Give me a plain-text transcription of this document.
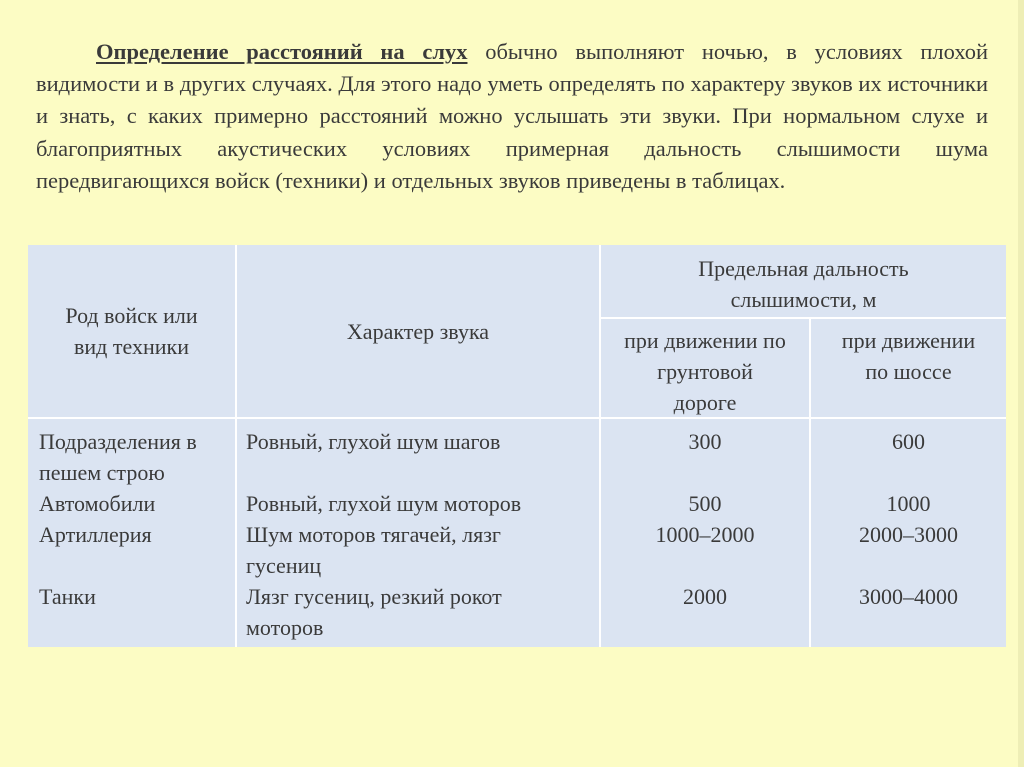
Определение расстояний на слух обычно выполняют ночью, в условиях плохой видимости и в других случаях. Для этого надо уметь определять по характеру звуков их источники и знать, с каких примерно расстояний можно услышать эти звуки. При нормальном слухе и благоприятных акустических условиях примерная дальность слышимости шума передвигающихся войск (техники) и отдельных звуков приведены в таблицах.

Род войск или
вид техники
Характер звука
Предельная дальность
слышимости, м
при движении по
грунтовой
дороге
при движении
по шоссе
Подразделения в
пешем строю
Автомобили
Артиллерия
Танки
Ровный, глухой шум шагов
Ровный, глухой шум моторов
Шум моторов тягачей, лязг
гусениц
Лязг гусениц, резкий рокот
моторов
300
500
1000–2000
2000
600
1000
2000–3000
3000–4000
